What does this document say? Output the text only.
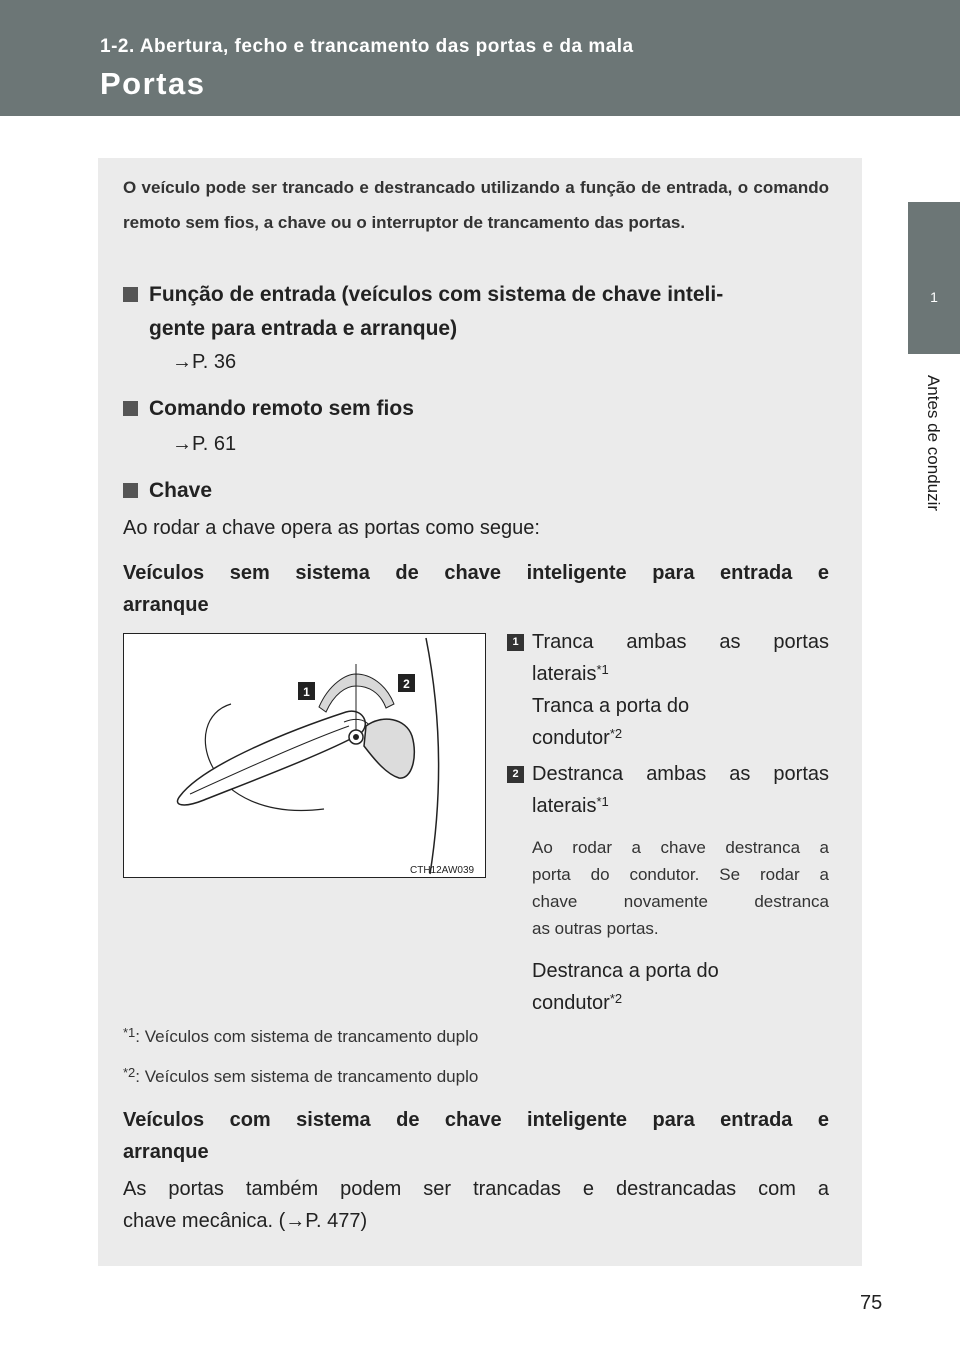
1-2. Abertura, fecho e trancamento das portas e da mala
Portas
1
Antes de conduzir
O veículo pode ser trancado e destrancado utilizando a função de entrada, o comando remoto sem fios, a chave ou o interruptor de trancamento das portas.
Função de entrada (veículos com sistema de chave inteli-
gente para entrada e arranque)
→P. 36
Comando remoto sem fios
→P. 61
Chave
Ao rodar a chave opera as portas como segue:
Veículos sem sistema de chave inteligente para entrada e
arranque
1
2
CTH12AW039
1 Tranca ambas as portas
laterais$^{*1}$
Tranca a porta do
condutor$^{*2}$
2 Destranca ambas as portas
laterais$^{*1}$
Ao rodar a chave destranca a
porta do condutor. Se rodar a
chave novamente destranca
as outras portas.
Destranca a porta do
condutor$^{*2}$
$^{*1}$: Veículos com sistema de trancamento duplo
$^{*2}$: Veículos sem sistema de trancamento duplo
Veículos com sistema de chave inteligente para entrada e
arranque
As portas também podem ser trancadas e destrancadas com a
chave mecânica. (→P. 477)
75
